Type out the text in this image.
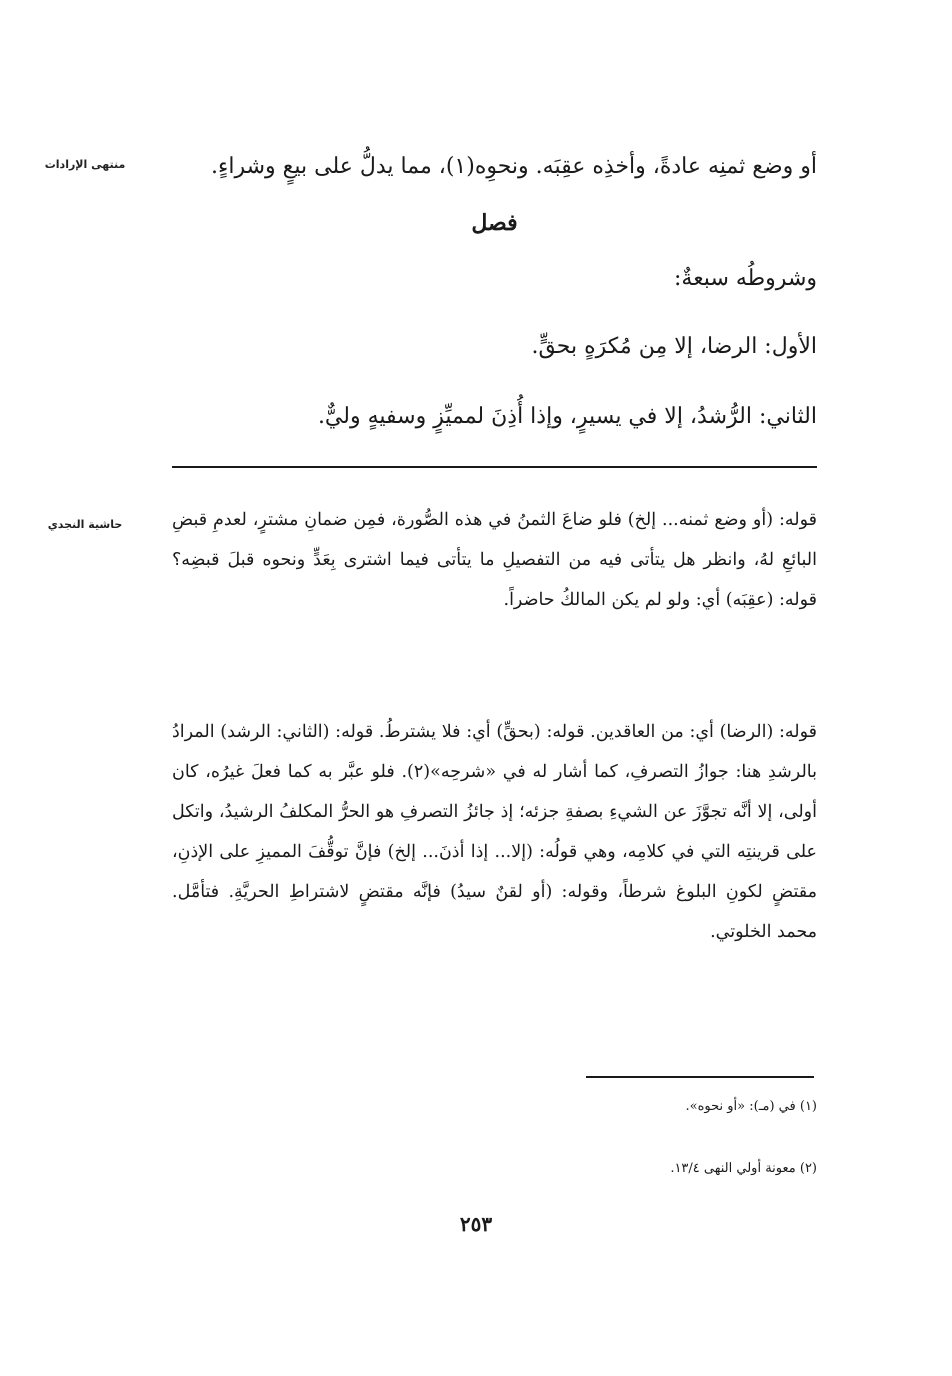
منتهى الإرادات	أو وضع ثمنِه عادةً، وأخذِه عقِبَه. ونحوِه(١)، مما يدلُّ على بيعٍ وشراءٍ.
فصل
وشروطُه سبعةٌ:
الأول: الرضا، إلا مِن مُكرَهٍ بحقٍّ.
الثاني: الرُّشدُ، إلا في يسيرٍ، وإذا أُذِنَ لمميِّزٍ وسفيهٍ وليٌّ.
حاشية النجدي	قوله: (أو وضع ثمنه... إلخ) فلو ضاعَ الثمنُ في هذه الصُّورة، فمِن ضمانِ مشترٍ، لعدمِ قبضِ البائعِ لهُ، وانظر هل يتأتى فيه من التفصيلِ ما يتأتى فيما اشترى بِعَدٍّ ونحوه قبلَ قبضِه؟ قوله: (عقِبَه) أي: ولو لم يكن المالكُ حاضراً.

قوله: (الرضا) أي: من العاقدين. قوله: (بحقٍّ) أي: فلا يشترطُ. قوله: (الثاني: الرشد) المرادُ بالرشدِ هنا: جوازُ التصرفِ، كما أشار له في «شرحِه»(٢). فلو عبَّر به كما فعلَ غيرُه، كان أولى، إلا أنَّه تجوَّزَ عن الشيءِ بصفةِ جزئه؛ إذ جائزُ التصرفِ هو الحرُّ المكلفُ الرشيدُ، واتكل على قرينتِه التي في كلامِه، وهي قولُه: (إلا... إذا أذنَ... إلخ) فإنَّ توقُّفَ المميزِ على الإذنِ، مقتضٍ لكونِ البلوغ شرطاً، وقوله: (أو لقنٌ سيدُ) فإنَّه مقتضٍ لاشتراطِ الحريَّةِ. فتأمَّل. محمد الخلوتي.

(١) في (مـ): «أو نحوه».
(٢) معونة أولي النهى ١٣/٤.
٢٥٣
